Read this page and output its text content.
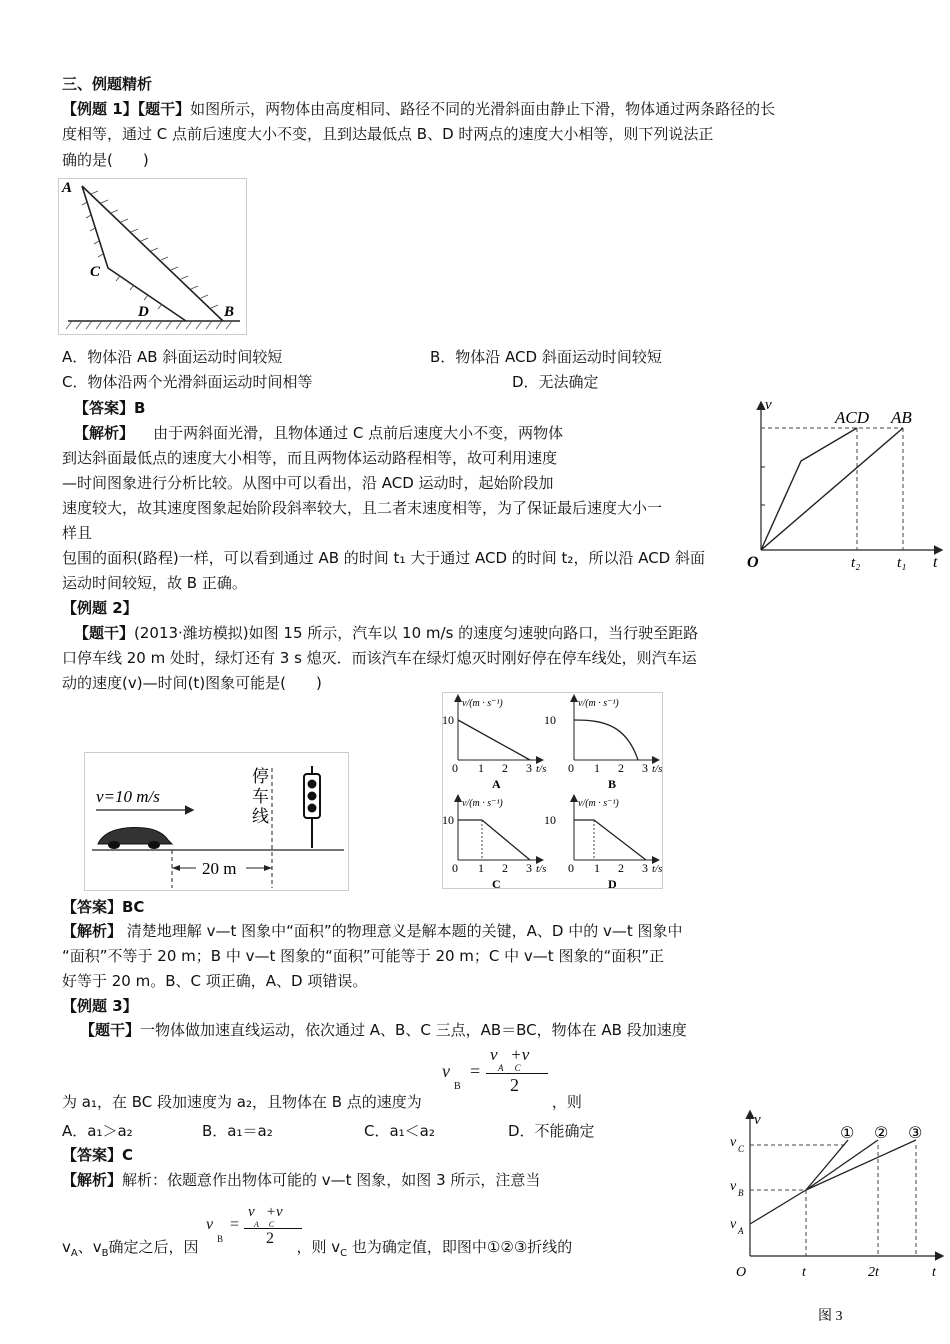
三、例题精析
【例题 1】【题干】如图所示，两物体由高度相同、路径不同的光滑斜面由静止下滑，物体通过两条路径的长
度相等，通过 C 点前后速度大小不变，且到达最低点 B、D 时两点的速度大小相等，则下列说法正
确的是(　　)
A
C
D	B
A．物体沿 AB 斜面运动时间较短	B．物体沿 ACD 斜面运动时间较短
C．物体沿两个光滑斜面运动时间相等	D．无法确定
【答案】B
【解析】 由于两斜面光滑，且物体通过 C 点前后速度大小不变，两物体
到达斜面最低点的速度大小相等，而且两物体运动路程相等，故可利用速度
—时间图象进行分析比较。从图中可以看出，沿 ACD 运动时，起始阶段加
速度较大，故其速度图象起始阶段斜率较大，且二者末速度相等，为了保证最后速度大小一
样且
包围的面积(路程)一样，可以看到通过 AB 的时间 t₁ 大于通过 ACD 的时间 t₂，所以沿 ACD 斜面
运动时间较短，故 B 正确。
v
O	t
ACD AB
t₂ t₁
【例题 2】
【题干】(2013·潍坊模拟)如图 15 所示，汽车以 10 m/s 的速度匀速驶向路口，当行驶至距路
口停车线 20 m 处时，绿灯还有 3 s 熄灭．而该汽车在绿灯熄灭时刚好停在停车线处，则汽车运
动的速度(v)—时间(t)图象可能是(　　)
v=10 m/s
20 m
停
车
线
v/(m · s⁻¹)
10
0 1 2 3 t/s
A
v/(m · s⁻¹)
10
0 1 2 3 t/s
B
v/(m · s⁻¹)
10
0 1 2 3 t/s
C
v/(m · s⁻¹)
10
0 1 2 3 t/s
D
【答案】BC
【解析】 清楚地理解 v—t 图象中“面积”的物理意义是解本题的关键，A、D 中的 v—t 图象中
“面积”不等于 20 m；B 中 v—t 图象的“面积”可能等于 20 m；C 中 v—t 图象的“面积”正
好等于 20 m。B、C 项正确，A、D 项错误。
【例题 3】
【题干】一物体做加速直线运动，依次通过 A、B、C 三点，AB＝BC，物体在 AB 段加速度
v
B
=
v   +v
A     C
2
为 a₁，在 BC 段加速度为 a₂，且物体在 B 点的速度为	，则
A．a₁＞a₂	B．a₁＝a₂	C．a₁＜a₂	D．不能确定
【答案】C
【解析】解析：依题意作出物体可能的 v—t 图象，如图 3 所示，注意当
v
B
=
v   +v
A     C
2
$v_A$、$v_B$确定之后，因	，则 $v_C$ 也为确定值，即图中①②③折线的
v
v C
v B
v A
O	t	2t	t
① ② ③
图 3
